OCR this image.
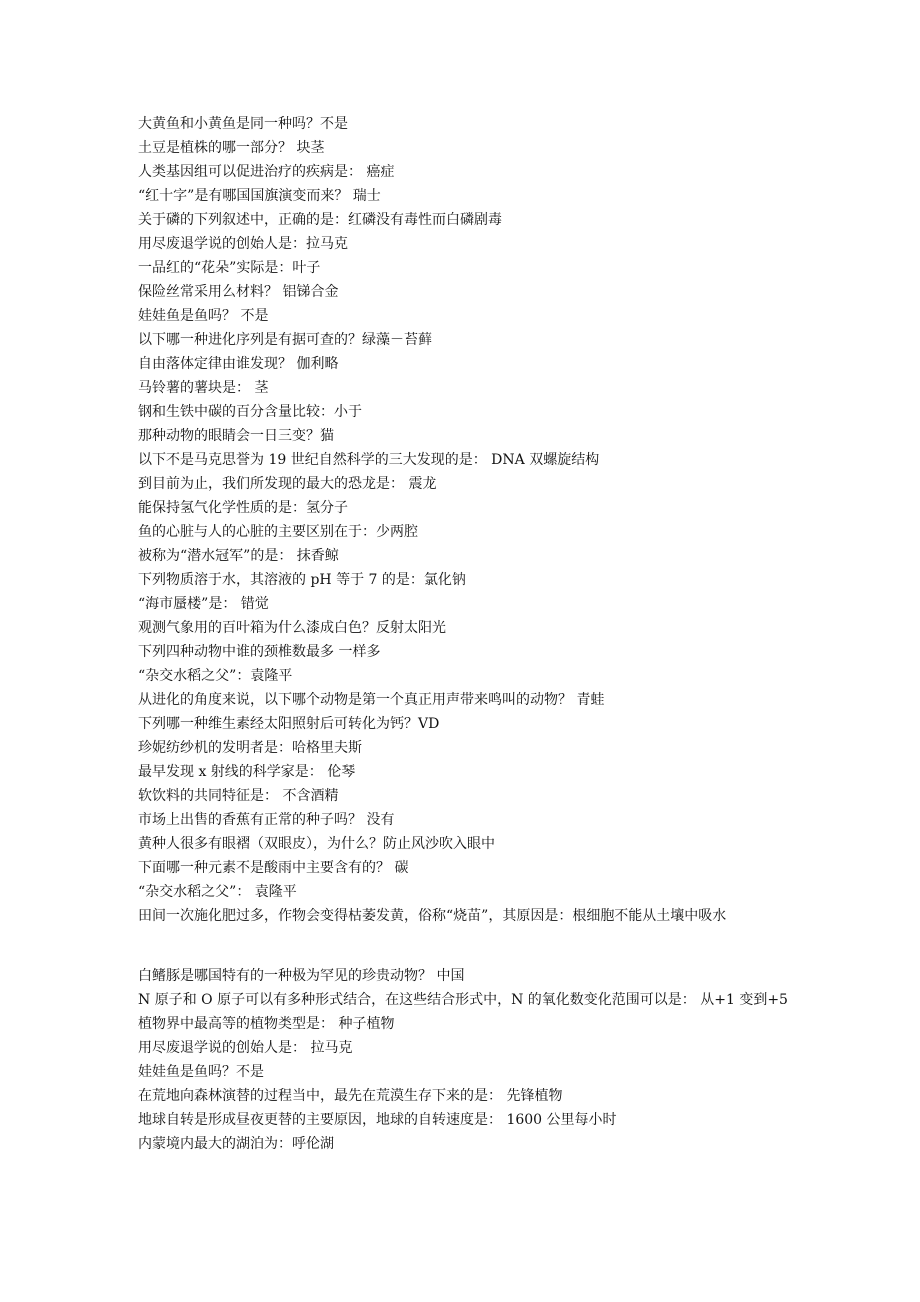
大黄鱼和小黄鱼是同一种吗？不是
土豆是植株的哪一部分？ 块茎
人类基因组可以促进治疗的疾病是： 癌症
“红十字”是有哪国国旗演变而来？ 瑞士
关于磷的下列叙述中，正确的是：红磷没有毒性而白磷剧毒
用尽废退学说的创始人是：拉马克
一品红的“花朵”实际是：叶子
保险丝常采用么材料？ 铝锑合金
娃娃鱼是鱼吗？ 不是
以下哪一种进化序列是有据可查的？绿藻－苔藓
自由落体定律由谁发现？ 伽利略
马铃薯的薯块是： 茎
钢和生铁中碳的百分含量比较：小于
那种动物的眼睛会一日三变？猫
以下不是马克思誉为 19 世纪自然科学的三大发现的是： DNA 双螺旋结构
到目前为止，我们所发现的最大的恐龙是： 震龙
能保持氢气化学性质的是：氢分子
鱼的心脏与人的心脏的主要区别在于：少两腔
被称为“潜水冠军”的是： 抹香鲸
下列物质溶于水，其溶液的 pH 等于 7 的是：氯化钠
“海市蜃楼”是： 错觉
观测气象用的百叶箱为什么漆成白色？反射太阳光
下列四种动物中谁的颈椎数最多 一样多
“杂交水稻之父”：袁隆平
从进化的角度来说，以下哪个动物是第一个真正用声带来鸣叫的动物？ 青蛙
下列哪一种维生素经太阳照射后可转化为钙？VD
珍妮纺纱机的发明者是：哈格里夫斯
最早发现 x 射线的科学家是： 伦琴
软饮料的共同特征是： 不含酒精
市场上出售的香蕉有正常的种子吗？ 没有
黄种人很多有眼褶（双眼皮），为什么？防止风沙吹入眼中
下面哪一种元素不是酸雨中主要含有的？ 碳
“杂交水稻之父”： 袁隆平
田间一次施化肥过多，作物会变得枯萎发黄，俗称“烧苗”，其原因是：根细胞不能从土壤中吸水
白鳍豚是哪国特有的一种极为罕见的珍贵动物？ 中国
N 原子和 O 原子可以有多种形式结合，在这些结合形式中，N 的氧化数变化范围可以是： 从+1 变到+5
植物界中最高等的植物类型是： 种子植物
用尽废退学说的创始人是： 拉马克
娃娃鱼是鱼吗？不是
在荒地向森林演替的过程当中，最先在荒漠生存下来的是： 先锋植物
地球自转是形成昼夜更替的主要原因，地球的自转速度是： 1600 公里每小时
内蒙境内最大的湖泊为：呼伦湖
